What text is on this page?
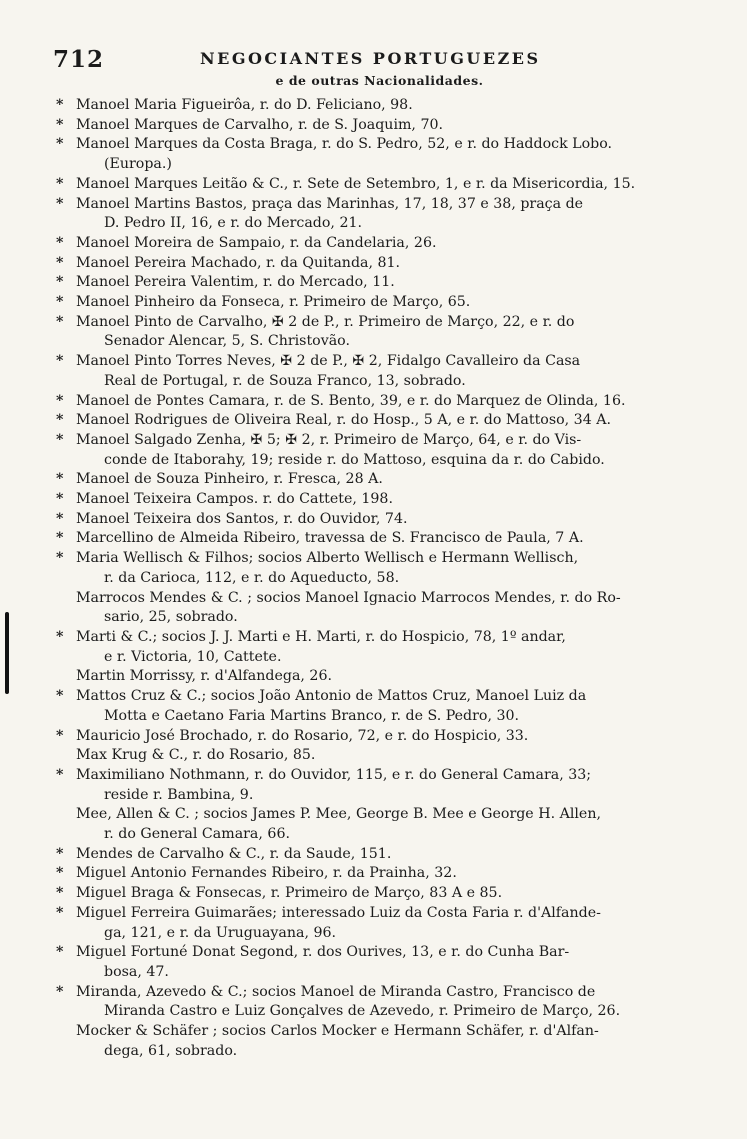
712	NEGOCIANTES PORTUGUEZES
e de outras Nacionalidades.
* Manoel Maria Figueirôa, r. do D. Feliciano, 98.
* Manoel Marques de Carvalho, r. de S. Joaquim, 70.
* Manoel Marques da Costa Braga, r. do S. Pedro, 52, e r. do Haddock Lobo.
(Europa.)
* Manoel Marques Leitão & C., r. Sete de Setembro, 1, e r. da Misericordia, 15.
* Manoel Martins Bastos, praça das Marinhas, 17, 18, 37 e 38, praça de
D. Pedro II, 16, e r. do Mercado, 21.
* Manoel Moreira de Sampaio, r. da Candelaria, 26.
* Manoel Pereira Machado, r. da Quitanda, 81.
* Manoel Pereira Valentim, r. do Mercado, 11.
* Manoel Pinheiro da Fonseca, r. Primeiro de Março, 65.
* Manoel Pinto de Carvalho, ✠ 2 de P., r. Primeiro de Março, 22, e r. do
Senador Alencar, 5, S. Christovão.
* Manoel Pinto Torres Neves, ✠ 2 de P., ✠ 2, Fidalgo Cavalleiro da Casa
Real de Portugal, r. de Souza Franco, 13, sobrado.
* Manoel de Pontes Camara, r. de S. Bento, 39, e r. do Marquez de Olinda, 16.
* Manoel Rodrigues de Oliveira Real, r. do Hosp., 5 A, e r. do Mattoso, 34 A.
* Manoel Salgado Zenha, ✠ 5; ✠ 2, r. Primeiro de Março, 64, e r. do Vis-
conde de Itaborahy, 19; reside r. do Mattoso, esquina da r. do Cabido.
* Manoel de Souza Pinheiro, r. Fresca, 28 A.
* Manoel Teixeira Campos. r. do Cattete, 198.
* Manoel Teixeira dos Santos, r. do Ouvidor, 74.
* Marcellino de Almeida Ribeiro, travessa de S. Francisco de Paula, 7 A.
* Maria Wellisch & Filhos; socios Alberto Wellisch e Hermann Wellisch,
r. da Carioca, 112, e r. do Aqueducto, 58.
Marrocos Mendes & C. ; socios Manoel Ignacio Marrocos Mendes, r. do Ro-
sario, 25, sobrado.
* Marti & C.; socios J. J. Marti e H. Marti, r. do Hospicio, 78, 1º andar,
e r. Victoria, 10, Cattete.
Martin Morrissy, r. d'Alfandega, 26.
* Mattos Cruz & C.; socios João Antonio de Mattos Cruz, Manoel Luiz da
Motta e Caetano Faria Martins Branco, r. de S. Pedro, 30.
* Mauricio José Brochado, r. do Rosario, 72, e r. do Hospicio, 33.
Max Krug & C., r. do Rosario, 85.
* Maximiliano Nothmann, r. do Ouvidor, 115, e r. do General Camara, 33;
reside r. Bambina, 9.
Mee, Allen & C. ; socios James P. Mee, George B. Mee e George H. Allen,
r. do General Camara, 66.
* Mendes de Carvalho & C., r. da Saude, 151.
* Miguel Antonio Fernandes Ribeiro, r. da Prainha, 32.
* Miguel Braga & Fonsecas, r. Primeiro de Março, 83 A e 85.
* Miguel Ferreira Guimarães; interessado Luiz da Costa Faria r. d'Alfande-
ga, 121, e r. da Uruguayana, 96.
* Miguel Fortuné Donat Segond, r. dos Ourives, 13, e r. do Cunha Bar-
bosa, 47.
* Miranda, Azevedo & C.; socios Manoel de Miranda Castro, Francisco de
Miranda Castro e Luiz Gonçalves de Azevedo, r. Primeiro de Março, 26.
Mocker & Schäfer ; socios Carlos Mocker e Hermann Schäfer, r. d'Alfan-
dega, 61, sobrado.
